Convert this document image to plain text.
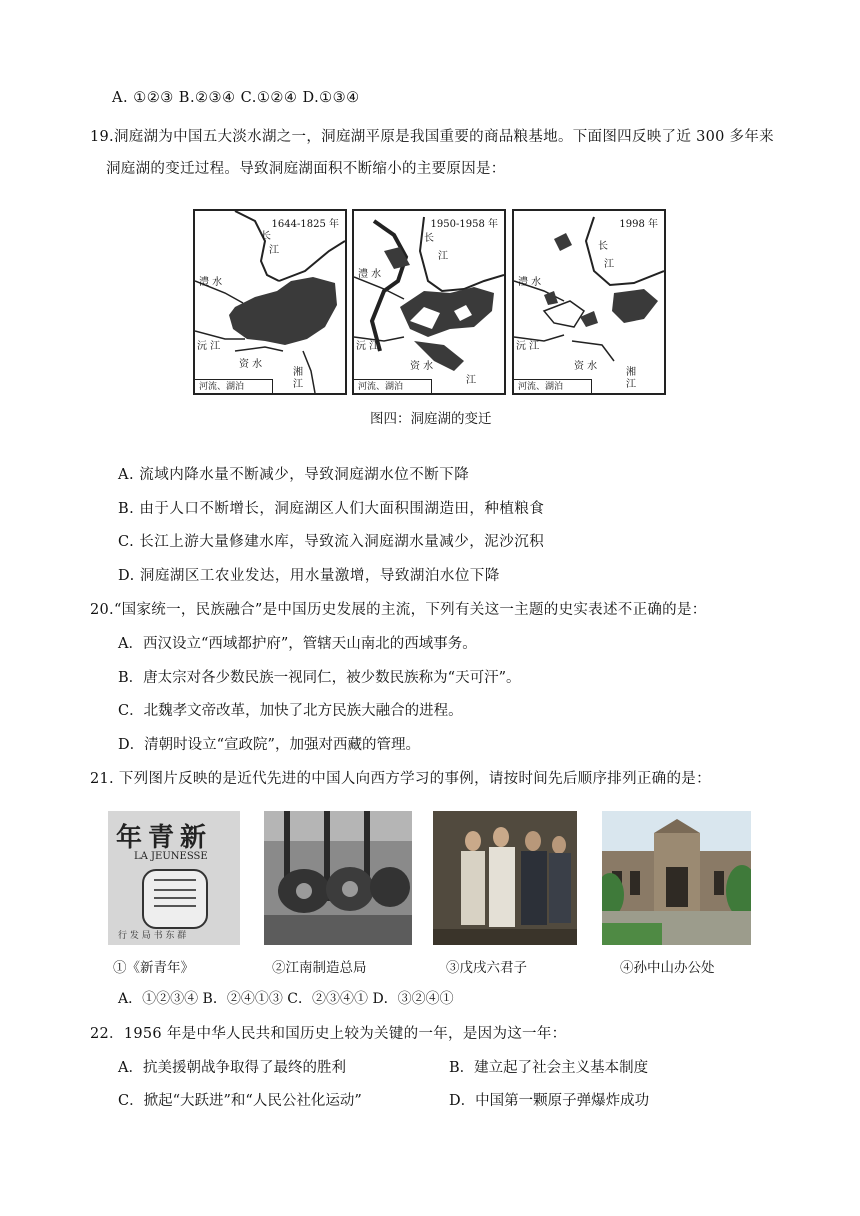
A. ①②③ B.②③④ C.①②④ D.①③④
19.洞庭湖为中国五大淡水湖之一，洞庭湖平原是我国重要的商品粮基地。下面图四反映了近 300 多年来
洞庭湖的变迁过程。导致洞庭湖面积不断缩小的主要原因是：
1644-1825 年
长
江
澧 水
沅 江
资 水
湘
江
河流、湖泊
1950-1958 年
长
江
澧 水
沅 江
资 水
江
河流、湖泊
1998 年
长
江
澧 水
沅 江
资 水
湘
江
河流、湖泊
图四：洞庭湖的变迁
A. 流域内降水量不断减少，导致洞庭湖水位不断下降
B. 由于人口不断增长，洞庭湖区人们大面积围湖造田，种植粮食
C. 长江上游大量修建水库，导致流入洞庭湖水量减少，泥沙沉积
D. 洞庭湖区工农业发达，用水量激增，导致湖泊水位下降
20.“国家统一，民族融合”是中国历史发展的主流，下列有关这一主题的史实表述不正确的是：
A．西汉设立“西域都护府”，管辖天山南北的西域事务。
B．唐太宗对各少数民族一视同仁，被少数民族称为“天可汗”。
C．北魏孝文帝改革，加快了北方民族大融合的进程。
D．清朝时设立“宣政院”，加强对西藏的管理。
21. 下列图片反映的是近代先进的中国人向西方学习的事例，请按时间先后顺序排列正确的是：
年青新
LA JEUNESSE
行 发 局 书 东 群
①《新青年》	②江南制造总局	③戊戌六君子	④孙中山办公处
A．①②③④ B．②④①③ C．②③④① D．③②④①
22．1956 年是中华人民共和国历史上较为关键的一年，是因为这一年：
A．抗美援朝战争取得了最终的胜利	B．建立起了社会主义基本制度
C．掀起“大跃进”和“人民公社化运动”	D．中国第一颗原子弹爆炸成功
